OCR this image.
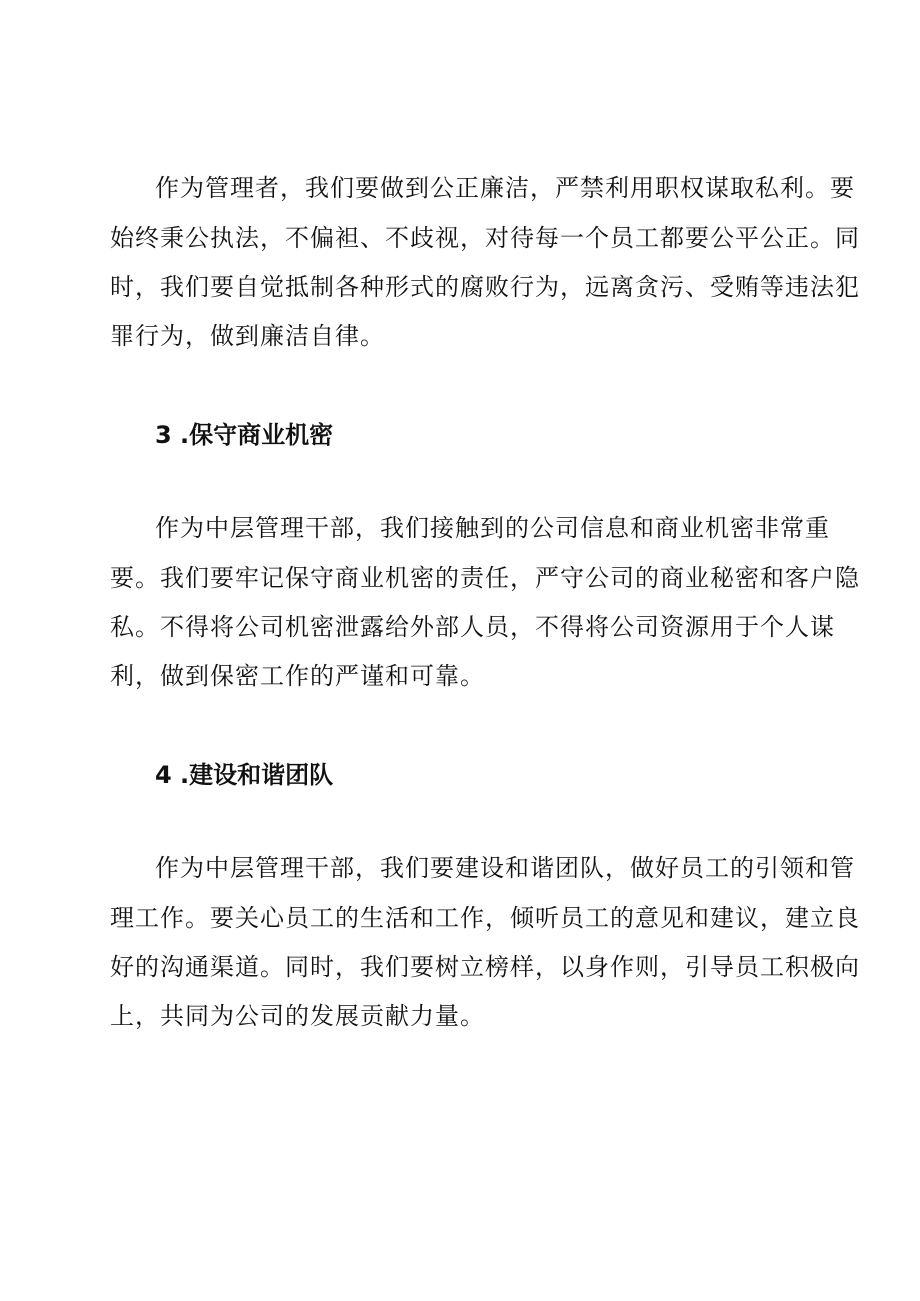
作为管理者，我们要做到公正廉洁，严禁利用职权谋取私利。要
始终秉公执法，不偏袒、不歧视，对待每一个员工都要公平公正。同
时，我们要自觉抵制各种形式的腐败行为，远离贪污、受贿等违法犯
罪行为，做到廉洁自律。
3 .保守商业机密
作为中层管理干部，我们接触到的公司信息和商业机密非常重
要。我们要牢记保守商业机密的责任，严守公司的商业秘密和客户隐
私。不得将公司机密泄露给外部人员，不得将公司资源用于个人谋
利，做到保密工作的严谨和可靠。
4 .建设和谐团队
作为中层管理干部，我们要建设和谐团队，做好员工的引领和管
理工作。要关心员工的生活和工作，倾听员工的意见和建议，建立良
好的沟通渠道。同时，我们要树立榜样，以身作则，引导员工积极向
上，共同为公司的发展贡献力量。
